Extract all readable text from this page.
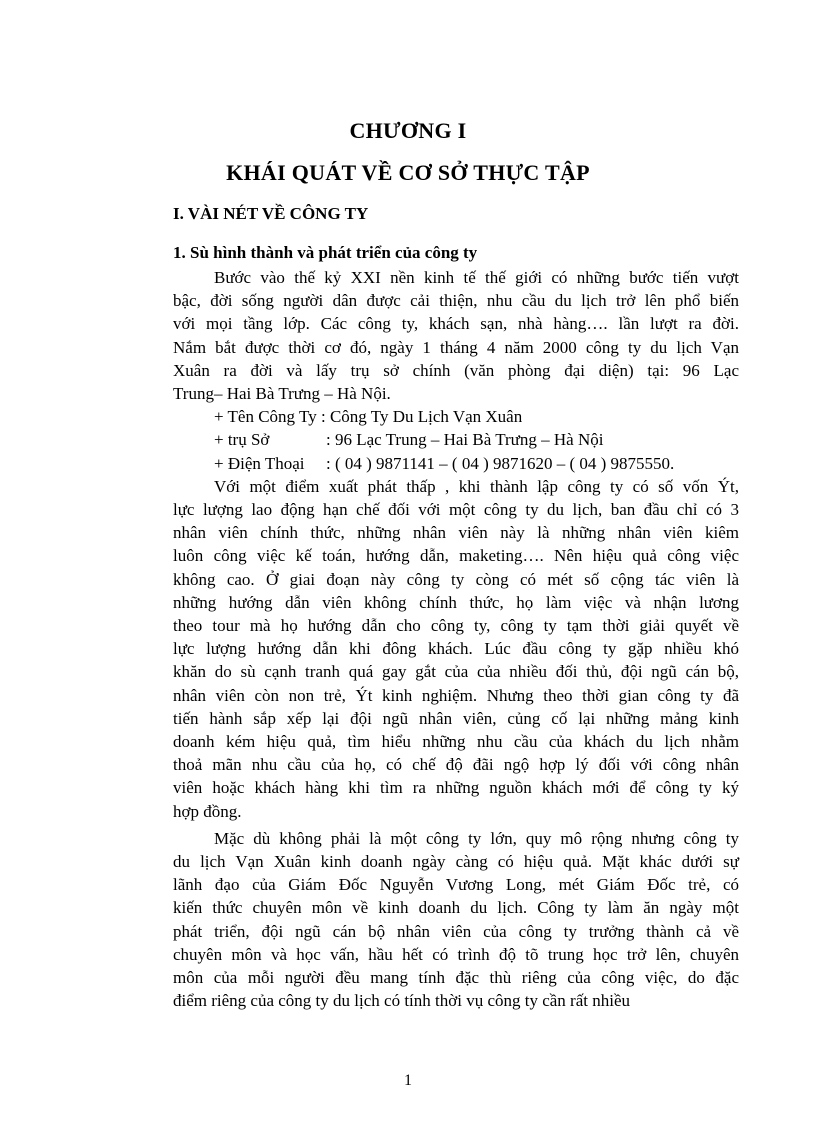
CHƯƠNG I
KHÁI QUÁT VỀ CƠ SỞ THỰC TẬP
I. VÀI NÉT VỀ CÔNG TY
1. Sù hình thành và phát triển của công ty
Bước vào thế kỷ XXI nền kinh tế thế giới có những bước tiến vượt
bậc, đời sống người dân được cải thiện, nhu cầu du lịch trở lên phổ biến
với mọi tầng lớp. Các công ty, khách sạn, nhà hàng…. lần lượt ra đời.
Nắm bắt được thời cơ đó, ngày 1 tháng 4 năm 2000 công ty du lịch Vạn
Xuân ra đời và lấy trụ sở chính (văn phòng đại diện) tại: 96 Lạc
Trung– Hai Bà Trưng – Hà Nội.
+ Tên Công Ty : Công Ty Du Lịch Vạn Xuân
+ trụ Sở	: 96 Lạc Trung – Hai Bà Trưng – Hà Nội
+ Điện Thoại : ( 04 ) 9871141 – ( 04 ) 9871620 – ( 04 ) 9875550.
Với một điểm xuất phát thấp , khi thành lập công ty có số vốn Ýt,
lực lượng lao động hạn chế đối với một công ty du lịch, ban đầu chỉ có 3
nhân viên chính thức, những nhân viên này là những nhân viên kiêm
luôn công việc kế toán, hướng dẫn, maketing…. Nên hiệu quả công việc
không cao. Ở giai đoạn này công ty còng có mét số cộng tác viên là
những hướng dẫn viên không chính thức, họ làm việc và nhận lương
theo tour mà họ hướng dẫn cho công ty, công ty tạm thời giải quyết về
lực lượng hướng dẫn khi đông khách. Lúc đầu công ty gặp nhiều khó
khăn do sù cạnh tranh quá gay gắt của của nhiều đối thủ, đội ngũ cán bộ,
nhân viên còn non trẻ, Ýt kinh nghiệm. Nhưng theo thời gian công ty đã
tiến hành sắp xếp lại đội ngũ nhân viên, củng cố lại những mảng kinh
doanh kém hiệu quả, tìm hiểu những nhu cầu của khách du lịch nhằm
thoả mãn nhu cầu của họ, có chế độ đãi ngộ hợp lý đối với công nhân
viên hoặc khách hàng khi tìm ra những nguồn khách mới để công ty ký
hợp đồng.
Mặc dù không phải là một công ty lớn, quy mô rộng nhưng công ty
du lịch Vạn Xuân kinh doanh ngày càng có hiệu quả. Mặt khác dưới sự
lãnh đạo của Giám Đốc Nguyễn Vương Long, mét Giám Đốc trẻ, có
kiến thức chuyên môn về kinh doanh du lịch. Công ty làm ăn ngày một
phát triển, đội ngũ cán bộ nhân viên của công ty trưởng thành cả về
chuyên môn và học vấn, hầu hết có trình độ tõ trung học trở lên, chuyên
môn của mỗi người đều mang tính đặc thù riêng của công việc, do đặc
điểm riêng của công ty du lịch có tính thời vụ công ty cần rất nhiều
1
